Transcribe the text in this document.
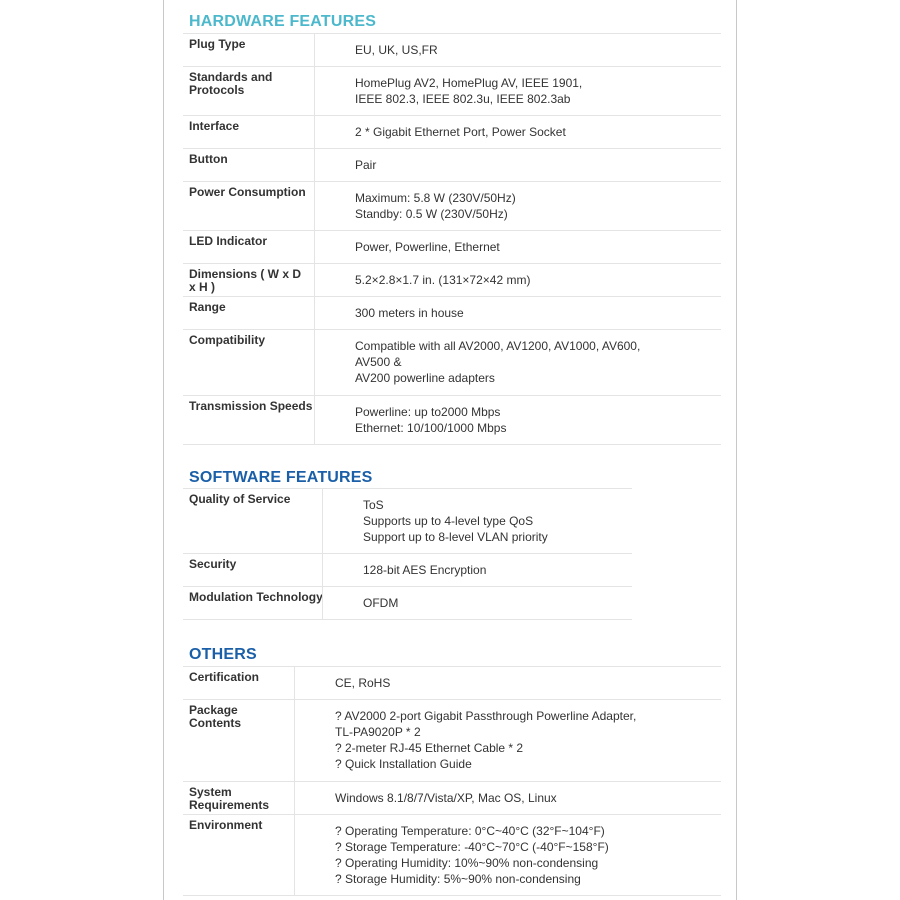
HARDWARE FEATURES
Plug Type	EU, UK, US,FR
Standards and Protocols	HomePlug AV2, HomePlug AV, IEEE 1901,
IEEE 802.3, IEEE 802.3u, IEEE 802.3ab
Interface	2 * Gigabit Ethernet Port, Power Socket
Button	Pair
Power Consumption	Maximum: 5.8 W (230V/50Hz)
Standby: 0.5 W (230V/50Hz)
LED Indicator	Power, Powerline, Ethernet
Dimensions ( W x D x H )	5.2×2.8×1.7 in. (131×72×42 mm)
Range	300 meters in house
Compatibility	Compatible with all AV2000, AV1200, AV1000, AV600,
AV500 &
AV200 powerline adapters
Transmission Speeds	Powerline: up to2000 Mbps
Ethernet: 10/100/1000 Mbps
SOFTWARE FEATURES
Quality of Service	ToS
Supports up to 4-level type QoS
Support up to 8-level VLAN priority
Security	128-bit AES Encryption
Modulation Technology	OFDM
OTHERS
Certification	CE, RoHS
Package Contents	? AV2000 2-port Gigabit Passthrough Powerline Adapter,
TL-PA9020P * 2
? 2-meter RJ-45 Ethernet Cable * 2
? Quick Installation Guide
System Requirements	Windows 8.1/8/7/Vista/XP, Mac OS, Linux
Environment	? Operating Temperature: 0°C~40°C (32°F~104°F)
? Storage Temperature: -40°C~70°C (-40°F~158°F)
? Operating Humidity: 10%~90% non-condensing
? Storage Humidity: 5%~90% non-condensing
